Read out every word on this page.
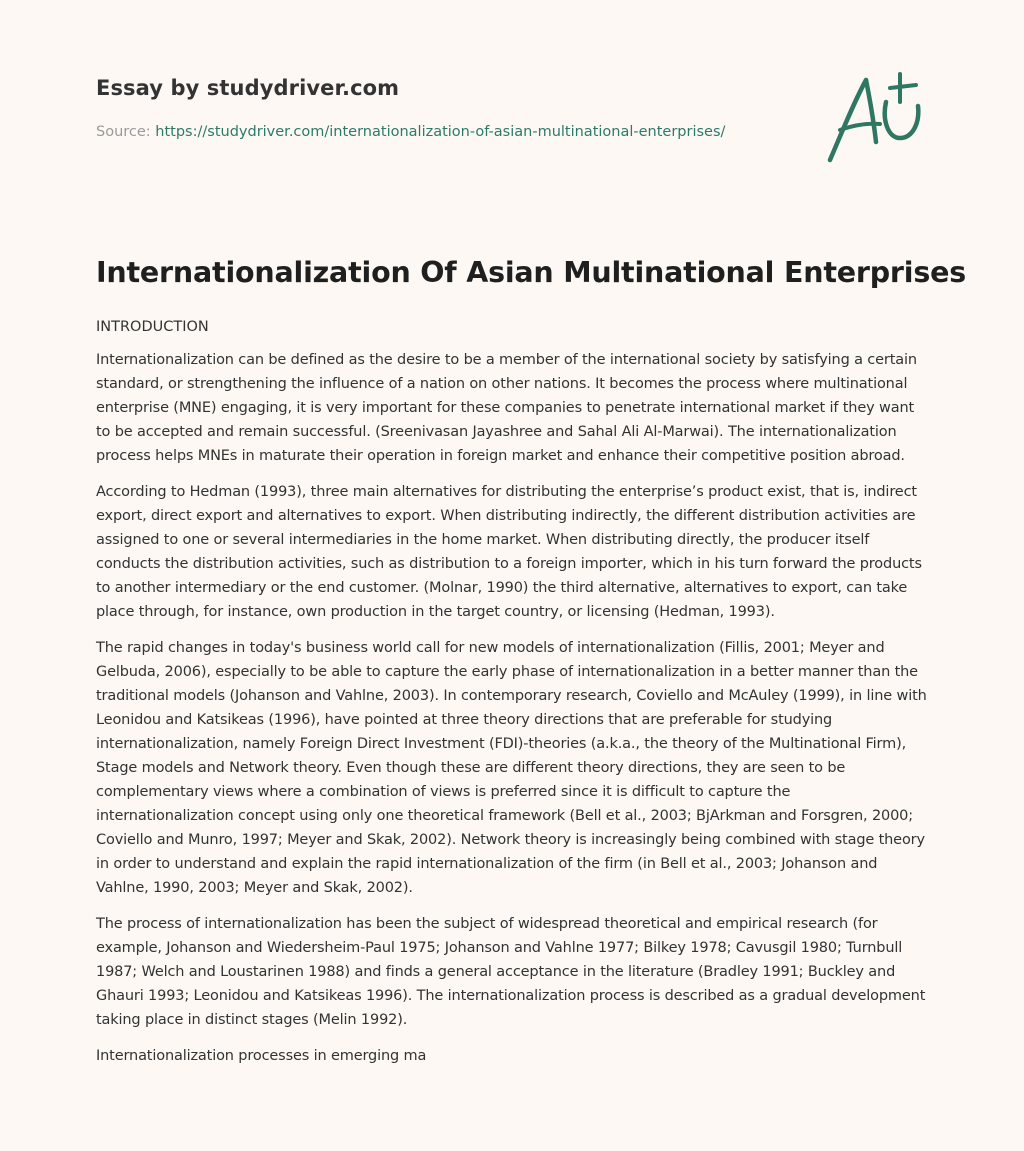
Essay by studydriver.com
Source: https://studydriver.com/internationalization-of-asian-multinational-enterprises/
Internationalization Of Asian Multinational Enterprises

INTRODUCTION

Internationalization can be defined as the desire to be a member of the international society by satisfying a certain standard, or strengthening the influence of a nation on other nations. It becomes the process where multinational enterprise (MNE) engaging, it is very important for these companies to penetrate international market if they want to be accepted and remain successful. (Sreenivasan Jayashree and Sahal Ali Al-Marwai). The internationalization process helps MNEs in maturate their operation in foreign market and enhance their competitive position abroad.

According to Hedman (1993), three main alternatives for distributing the enterprise’s product exist, that is, indirect export, direct export and alternatives to export. When distributing indirectly, the different distribution activities are assigned to one or several intermediaries in the home market. When distributing directly, the producer itself conducts the distribution activities, such as distribution to a foreign importer, which in his turn forward the products to another intermediary or the end customer. (Molnar, 1990) the third alternative, alternatives to export, can take place through, for instance, own production in the target country, or licensing (Hedman, 1993).

The rapid changes in today's business world call for new models of internationalization (Fillis, 2001; Meyer and Gelbuda, 2006), especially to be able to capture the early phase of internationalization in a better manner than the traditional models (Johanson and Vahlne, 2003). In contemporary research, Coviello and McAuley (1999), in line with Leonidou and Katsikeas (1996), have pointed at three theory directions that are preferable for studying internationalization, namely Foreign Direct Investment (FDI)-theories (a.k.a., the theory of the Multinational Firm), Stage models and Network theory. Even though these are different theory directions, they are seen to be complementary views where a combination of views is preferred since it is difficult to capture the internationalization concept using only one theoretical framework (Bell et al., 2003; BjArkman and Forsgren, 2000; Coviello and Munro, 1997; Meyer and Skak, 2002). Network theory is increasingly being combined with stage theory in order to understand and explain the rapid internationalization of the firm (in Bell et al., 2003; Johanson and Vahlne, 1990, 2003; Meyer and Skak, 2002).

The process of internationalization has been the subject of widespread theoretical and empirical research (for example, Johanson and Wiedersheim-Paul 1975; Johanson and Vahlne 1977; Bilkey 1978; Cavusgil 1980; Turnbull 1987; Welch and Loustarinen 1988) and finds a general acceptance in the literature (Bradley 1991; Buckley and Ghauri 1993; Leonidou and Katsikeas 1996). The internationalization process is described as a gradual development taking place in distinct stages (Melin 1992).

Internationalization processes in emerging ma
